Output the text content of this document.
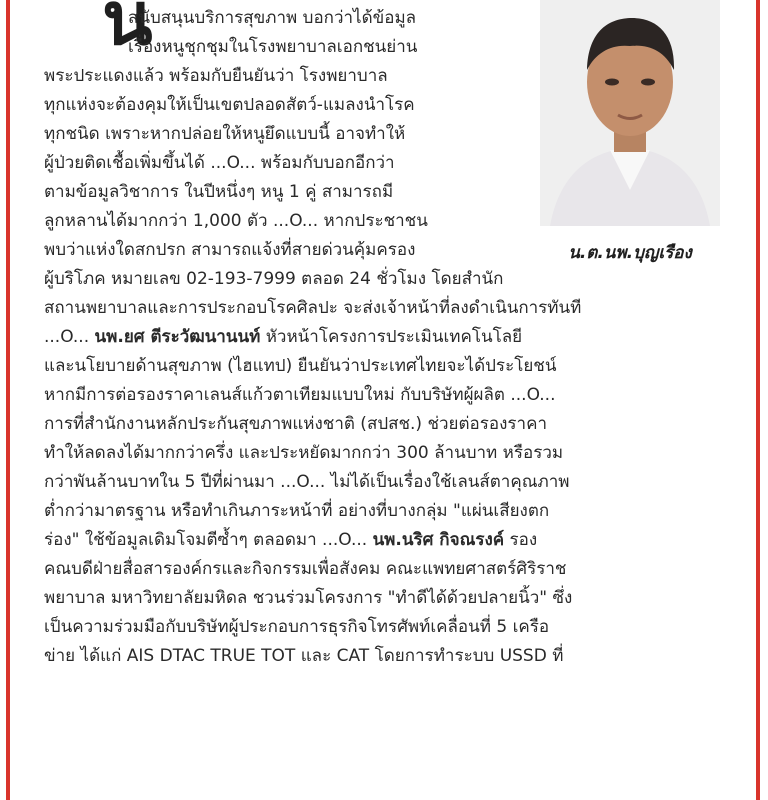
น
สนับสนุนบริการสุขภาพ บอกว่าได้ข้อมูล
เรื่องหนูชุกชุมในโรงพยาบาลเอกชนย่าน
พระประแดงแล้ว พร้อมกับยืนยันว่า โรงพยาบาล
ทุกแห่งจะต้องคุมให้เป็นเขตปลอดสัตว์-แมลงนำโรค
ทุกชนิด เพราะหากปล่อยให้หนูยึดแบบนี้ อาจทำให้
ผู้ป่วยติดเชื้อเพิ่มขึ้นได้ ...O... พร้อมกับบอกอีกว่า
ตามข้อมูลวิชาการ ในปีหนึ่งๆ หนู 1 คู่ สามารถมี
ลูกหลานได้มากกว่า 1,000 ตัว ...O... หากประชาชน
พบว่าแห่งใดสกปรก สามารถแจ้งที่สายด่วนคุ้มครอง
ผู้บริโภค หมายเลข 02-193-7999 ตลอด 24 ชั่วโมง โดยสำนัก
สถานพยาบาลและการประกอบโรคศิลปะ จะส่งเจ้าหน้าที่ลงดำเนินการทันที
...O... นพ.ยศ ตีระวัฒนานนท์ หัวหน้าโครงการประเมินเทคโนโลยี
และนโยบายด้านสุขภาพ (ไฮแทป) ยืนยันว่าประเทศไทยจะได้ประโยชน์
หากมีการต่อรองราคาเลนส์แก้วตาเทียมแบบใหม่ กับบริษัทผู้ผลิต ...O...
การที่สำนักงานหลักประกันสุขภาพแห่งชาติ (สปสช.) ช่วยต่อรองราคา
ทำให้ลดลงได้มากกว่าครึ่ง และประหยัดมากกว่า 300 ล้านบาท หรือรวม
กว่าพันล้านบาทใน 5 ปีที่ผ่านมา ...O... ไม่ได้เป็นเรื่องใช้เลนส์ตาคุณภาพ
ต่ำกว่ามาตรฐาน หรือทำเกินภาระหน้าที่ อย่างที่บางกลุ่ม "แผ่นเสียงตก
ร่อง" ใช้ข้อมูลเดิมโจมตีซ้ำๆ ตลอดมา ...O... นพ.นริศ กิจณรงค์ รอง
คณบดีฝ่ายสื่อสารองค์กรและกิจกรรมเพื่อสังคม คณะแพทยศาสตร์ศิริราช
พยาบาล มหาวิทยาลัยมหิดล ชวนร่วมโครงการ "ทำดีได้ด้วยปลายนิ้ว" ซึ่ง
เป็นความร่วมมือกับบริษัทผู้ประกอบการธุรกิจโทรศัพท์เคลื่อนที่ 5 เครือ
ข่าย ได้แก่ AIS DTAC TRUE TOT และ CAT โดยการทำระบบ USSD ที่
น.ต.นพ.บุญเรือง
